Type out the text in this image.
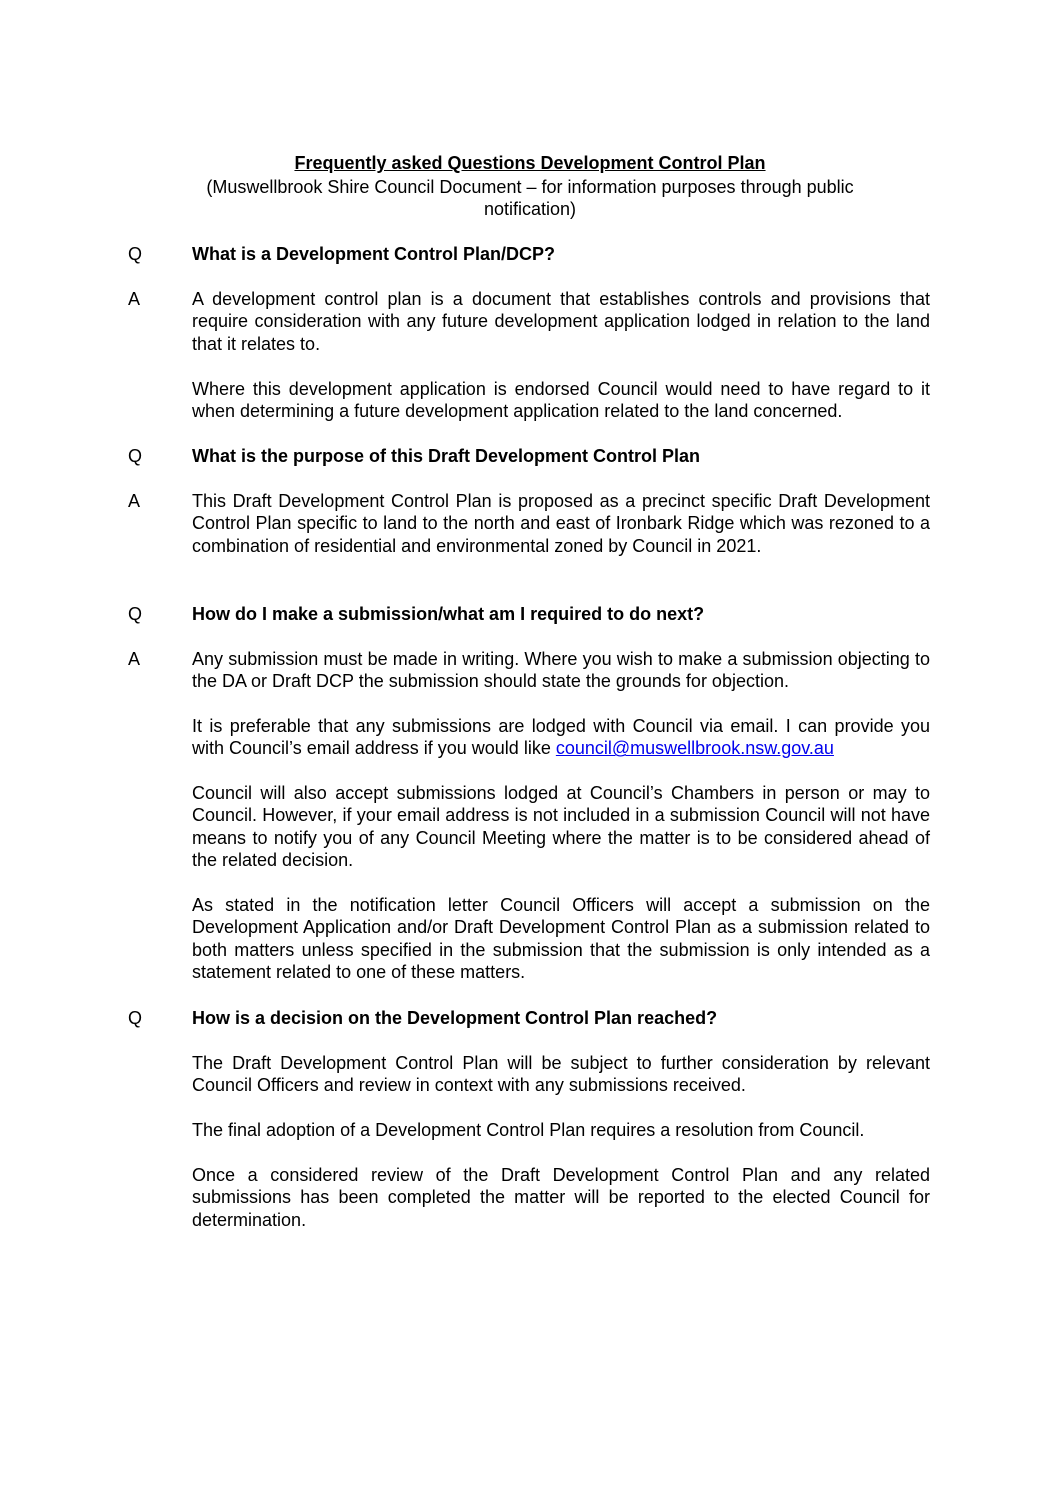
Frequently asked Questions Development Control Plan
(Muswellbrook Shire Council Document – for information purposes through public notification)
Q	What is a Development Control Plan/DCP?
A	A development control plan is a document that establishes controls and provisions that require consideration with any future development application lodged in relation to the land that it relates to.

Where this development application is endorsed Council would need to have regard to it when determining a future development application related to the land concerned.

Q	What is the purpose of this Draft Development Control Plan
A	This Draft Development Control Plan is proposed as a precinct specific Draft Development Control Plan specific to land to the north and east of Ironbark Ridge which was rezoned to a combination of residential and environmental zoned by Council in 2021.

Q	How do I make a submission/what am I required to do next?
A	Any submission must be made in writing. Where you wish to make a submission objecting to the DA or Draft DCP the submission should state the grounds for objection.

It is preferable that any submissions are lodged with Council via email. I can provide you with Council’s email address if you would like council@muswellbrook.nsw.gov.au

Council will also accept submissions lodged at Council’s Chambers in person or may to Council. However, if your email address is not included in a submission Council will not have means to notify you of any Council Meeting where the matter is to be considered ahead of the related decision.

As stated in the notification letter Council Officers will accept a submission on the Development Application and/or Draft Development Control Plan as a submission related to both matters unless specified in the submission that the submission is only intended as a statement related to one of these matters.

Q	How is a decision on the Development Control Plan reached?

The Draft Development Control Plan will be subject to further consideration by relevant Council Officers and review in context with any submissions received.

The final adoption of a Development Control Plan requires a resolution from Council.

Once a considered review of the Draft Development Control Plan and any related submissions has been completed the matter will be reported to the elected Council for determination.
